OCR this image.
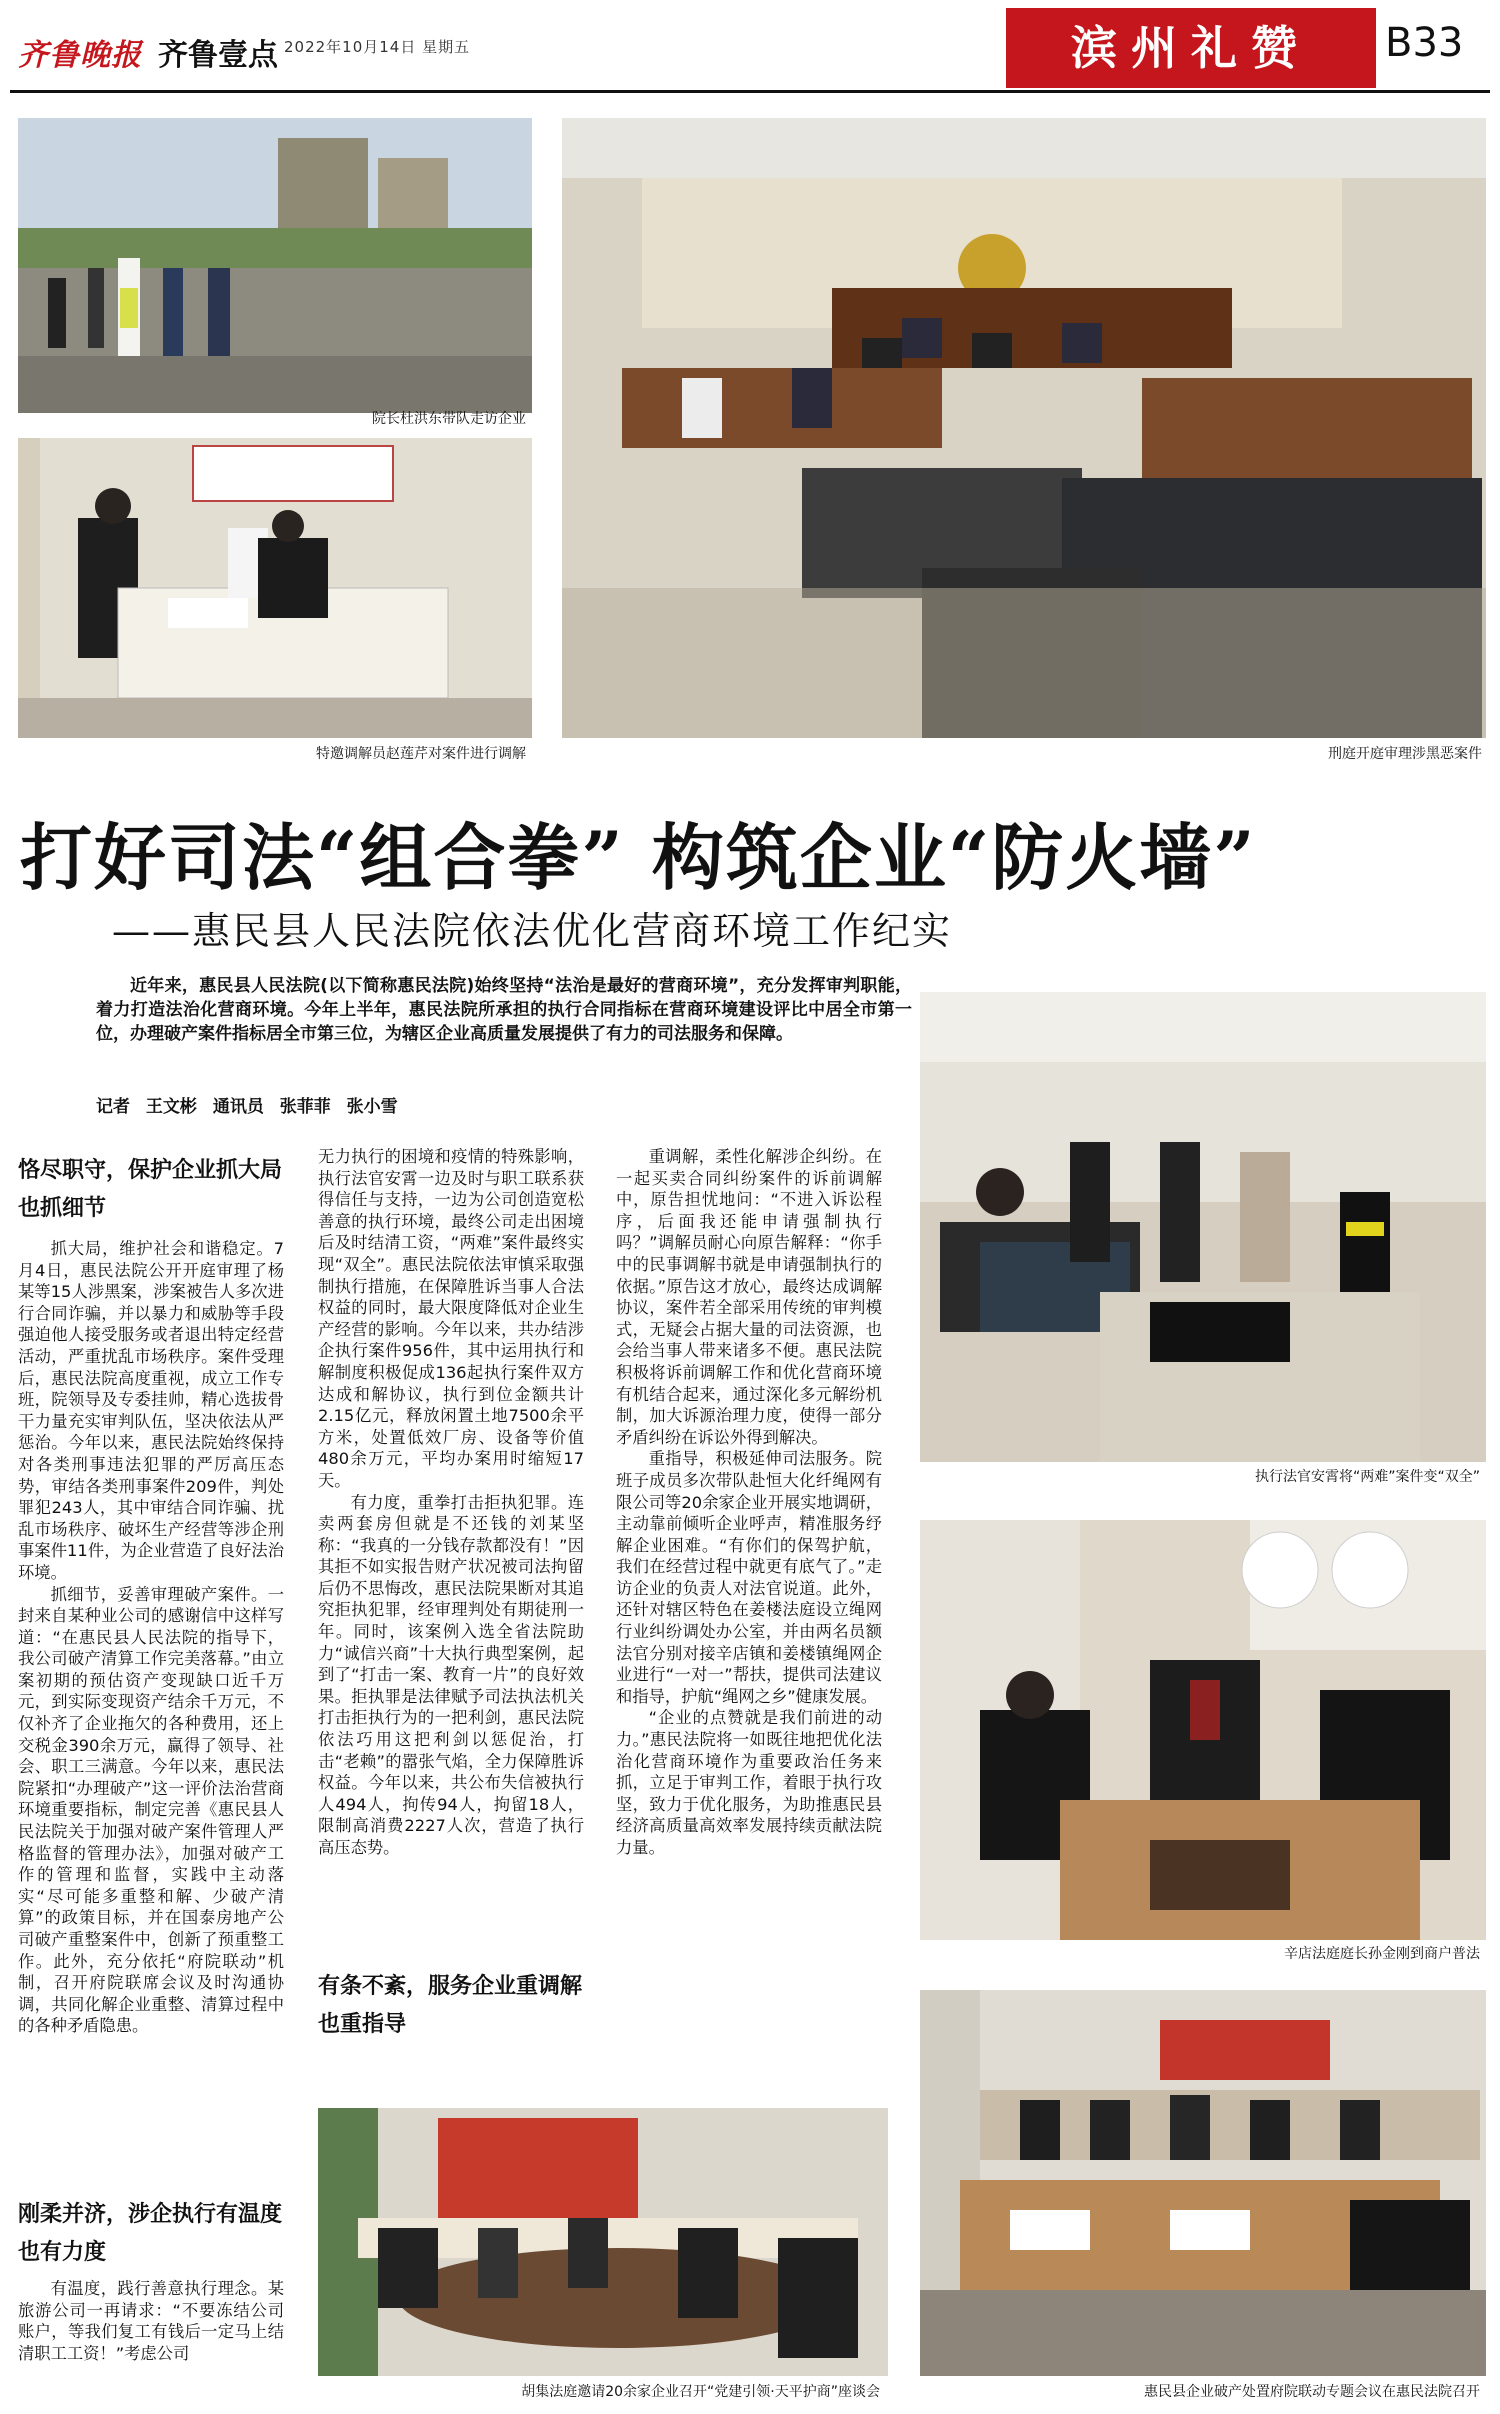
齐鲁晚报 齐鲁壹点 2022年10月14日 星期五	滨州礼赞	B33
院长杜洪东带队走访企业
特邀调解员赵莲芹对案件进行调解	刑庭开庭审理涉黑恶案件
打好司法“组合拳” 构筑企业“防火墙”
——惠民县人民法院依法优化营商环境工作纪实
近年来，惠民县人民法院(以下简称惠民法院)始终坚持“法治是最好的营商环境”，充分发挥审判职能，着力打造法治化营商环境。今年上半年，惠民法院所承担的执行合同指标在营商环境建设评比中居全市第一位，办理破产案件指标居全市第三位，为辖区企业高质量发展提供了有力的司法服务和保障。
记者 王文彬 通讯员 张菲菲 张小雪
恪尽职守，保护企业抓大局也抓细节

抓大局，维护社会和谐稳定。7月4日，惠民法院公开开庭审理了杨某等15人涉黑案，涉案被告人多次进行合同诈骗，并以暴力和威胁等手段强迫他人接受服务或者退出特定经营活动，严重扰乱市场秩序。案件受理后，惠民法院高度重视，成立工作专班，院领导及专委挂帅，精心选拔骨干力量充实审判队伍，坚决依法从严惩治。今年以来，惠民法院始终保持对各类刑事违法犯罪的严厉高压态势，审结各类刑事案件209件，判处罪犯243人，其中审结合同诈骗、扰乱市场秩序、破坏生产经营等涉企刑事案件11件，为企业营造了良好法治环境。

抓细节，妥善审理破产案件。一封来自某种业公司的感谢信中这样写道：“在惠民县人民法院的指导下，我公司破产清算工作完美落幕。”由立案初期的预估资产变现缺口近千万元，到实际变现资产结余千万元，不仅补齐了企业拖欠的各种费用，还上交税金390余万元，赢得了领导、社会、职工三满意。今年以来，惠民法院紧扣“办理破产”这一评价法治营商环境重要指标，制定完善《惠民县人民法院关于加强对破产案件管理人严格监督的管理办法》，加强对破产工作的管理和监督，实践中主动落实“尽可能多重整和解、少破产清算”的政策目标，并在国泰房地产公司破产重整案件中，创新了预重整工作。此外，充分依托“府院联动”机制，召开府院联席会议及时沟通协调，共同化解企业重整、清算过程中的各种矛盾隐患。

刚柔并济，涉企执行有温度也有力度

有温度，践行善意执行理念。某旅游公司一再请求：“不要冻结公司账户，等我们复工有钱后一定马上结清职工工资！”考虑公司

无力执行的困境和疫情的特殊影响，执行法官安霄一边及时与职工联系获得信任与支持，一边为公司创造宽松善意的执行环境，最终公司走出困境后及时结清工资，“两难”案件最终实现“双全”。惠民法院依法审慎采取强制执行措施，在保障胜诉当事人合法权益的同时，最大限度降低对企业生产经营的影响。今年以来，共办结涉企执行案件956件，其中运用执行和解制度积极促成136起执行案件双方达成和解协议，执行到位金额共计2.15亿元，释放闲置土地7500余平方米，处置低效厂房、设备等价值480余万元，平均办案用时缩短17天。

有力度，重拳打击拒执犯罪。连卖两套房但就是不还钱的刘某坚称：“我真的一分钱存款都没有！”因其拒不如实报告财产状况被司法拘留后仍不思悔改，惠民法院果断对其追究拒执犯罪，经审理判处有期徒刑一年。同时，该案例入选全省法院助力“诚信兴商”十大执行典型案例，起到了“打击一案、教育一片”的良好效果。拒执罪是法律赋予司法执法机关打击拒执行为的一把利剑，惠民法院依法巧用这把利剑以惩促治，打击“老赖”的嚣张气焰，全力保障胜诉权益。今年以来，共公布失信被执行人494人，拘传94人，拘留18人，限制高消费2227人次，营造了执行高压态势。

有条不紊，服务企业重调解也重指导

重调解，柔性化解涉企纠纷。在一起买卖合同纠纷案件的诉前调解中，原告担忧地问：“不进入诉讼程序，后面我还能申请强制执行吗？”调解员耐心向原告解释：“你手中的民事调解书就是申请强制执行的依据。”原告这才放心，最终达成调解协议，案件若全部采用传统的审判模式，无疑会占据大量的司法资源，也会给当事人带来诸多不便。惠民法院积极将诉前调解工作和优化营商环境有机结合起来，通过深化多元解纷机制，加大诉源治理力度，使得一部分矛盾纠纷在诉讼外得到解决。

重指导，积极延伸司法服务。院班子成员多次带队赴恒大化纤绳网有限公司等20余家企业开展实地调研，主动靠前倾听企业呼声，精准服务纾解企业困难。“有你们的保驾护航，我们在经营过程中就更有底气了。”走访企业的负责人对法官说道。此外，还针对辖区特色在姜楼法庭设立绳网行业纠纷调处办公室，并由两名员额法官分别对接辛店镇和姜楼镇绳网企业进行“一对一”帮扶，提供司法建议和指导，护航“绳网之乡”健康发展。

“企业的点赞就是我们前进的动力。”惠民法院将一如既往地把优化法治化营商环境作为重要政治任务来抓，立足于审判工作，着眼于执行攻坚，致力于优化服务，为助推惠民县经济高质量高效率发展持续贡献法院力量。

胡集法庭邀请20余家企业召开“党建引领·天平护商”座谈会
执行法官安霄将“两难”案件变“双全”
辛店法庭庭长孙金刚到商户普法
惠民县企业破产处置府院联动专题会议在惠民法院召开
